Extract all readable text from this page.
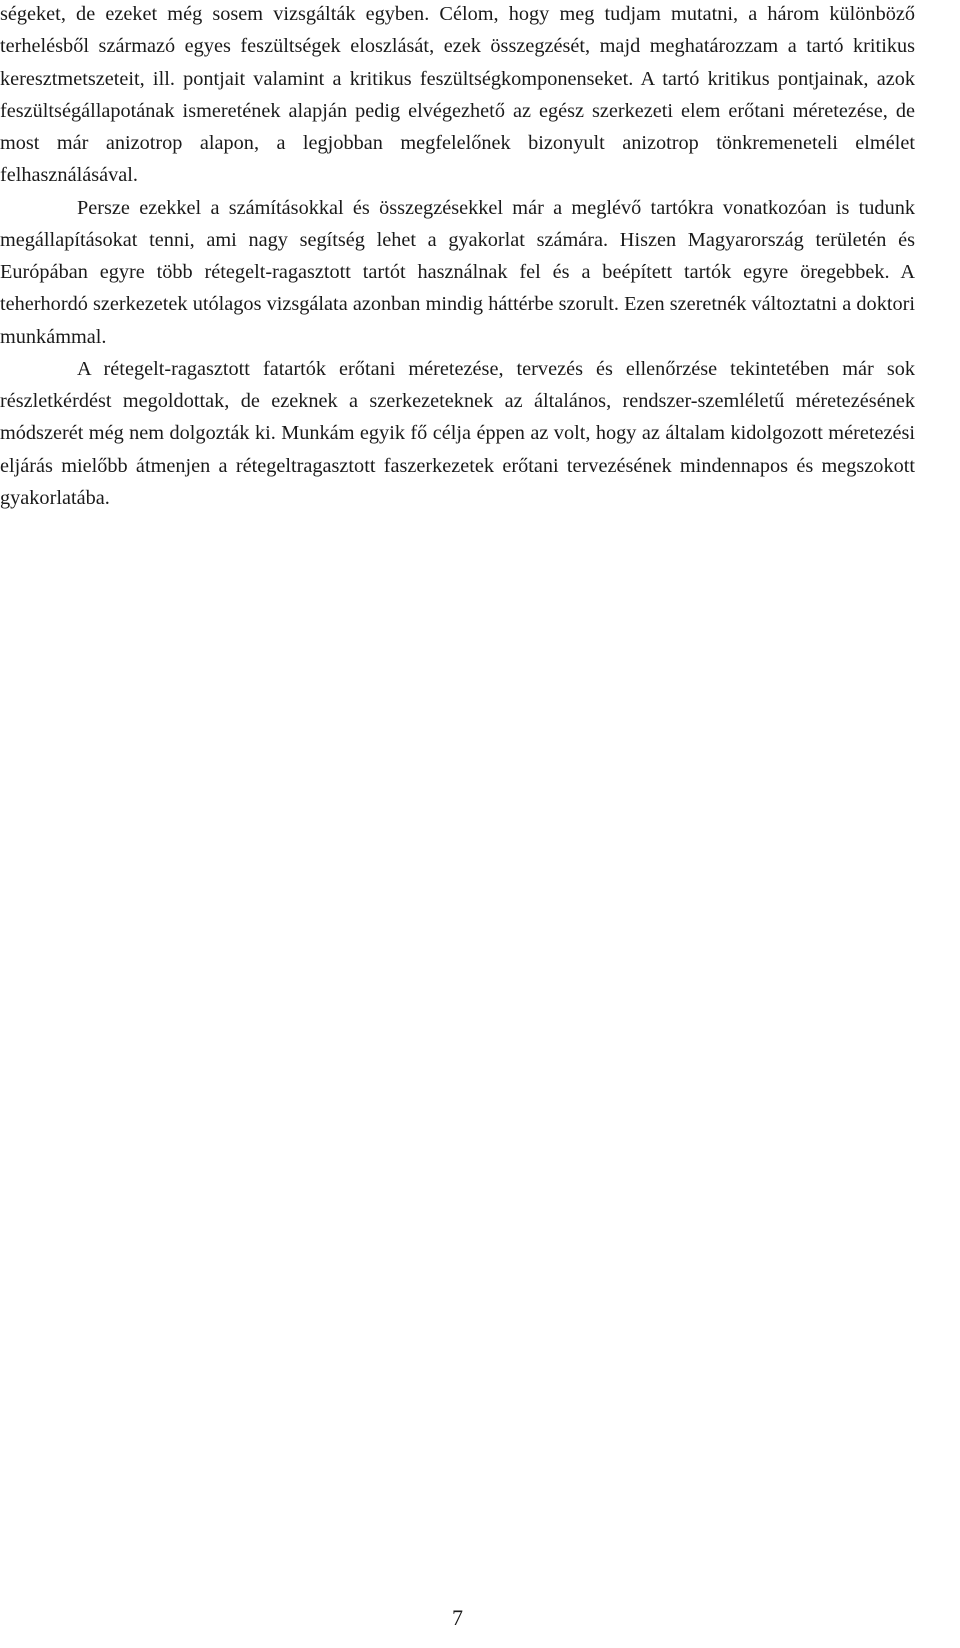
ségeket, de ezeket még sosem vizsgálták egyben. Célom, hogy meg tudjam mutatni, a három különböző terhelésből származó egyes feszültségek eloszlását, ezek összegzését, majd meghatározzam a tartó kritikus keresztmetszeteit, ill. pontjait valamint a kritikus feszültségkomponenseket. A tartó kritikus pontjainak, azok feszültségállapotának ismeretének alapján pedig elvégezhető az egész szerkezeti elem erőtani méretezése, de most már anizotrop alapon, a legjobban megfelelőnek bizonyult anizotrop tönkremeneteli elmélet felhasználásával.

Persze ezekkel a számításokkal és összegzésekkel már a meglévő tartókra vonatkozóan is tudunk megállapításokat tenni, ami nagy segítség lehet a gyakorlat számára. Hiszen Magyarország területén és Európában egyre több rétegelt-ragasztott tartót használnak fel és a beépített tartók egyre öregebbek. A teherhordó szerkezetek utólagos vizsgálata azonban mindig háttérbe szorult. Ezen szeretnék változtatni a doktori munkámmal.

A rétegelt-ragasztott fatartók erőtani méretezése, tervezés és ellenőrzése tekintetében már sok részletkérdést megoldottak, de ezeknek a szerkezeteknek az általános, rendszer-szemléletű méretezésének módszerét még nem dolgozták ki. Munkám egyik fő célja éppen az volt, hogy az általam kidolgozott méretezési eljárás mielőbb átmenjen a rétegeltragasztott faszerkezetek erőtani tervezésének mindennapos és megszokott gyakorlatába.

7
